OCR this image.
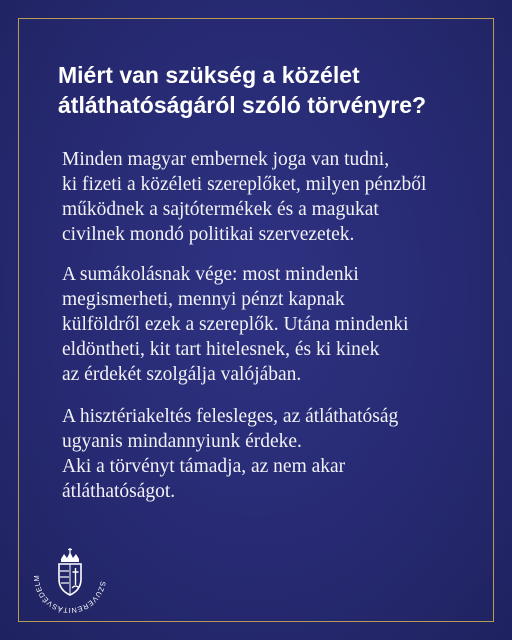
Miért van szükség a közélet
átláthatóságáról szóló törvényre?

Minden magyar embernek joga van tudni,
ki fizeti a közéleti szereplőket, milyen pénzből
működnek a sajtótermékek és a magukat
civilnek mondó politikai szervezetek.

A sumákolásnak vége: most mindenki
megismerheti, mennyi pénzt kapnak
külföldről ezek a szereplők. Utána mindenki
eldöntheti, kit tart hitelesnek, és ki kinek
az érdekét szolgálja valójában.

A hisztériakeltés felesleges, az átláthatóság
ugyanis mindannyiunk érdeke.
Aki a törvényt támadja, az nem akar
átláthatóságot.

SZUVERENITÁSVÉDELM
